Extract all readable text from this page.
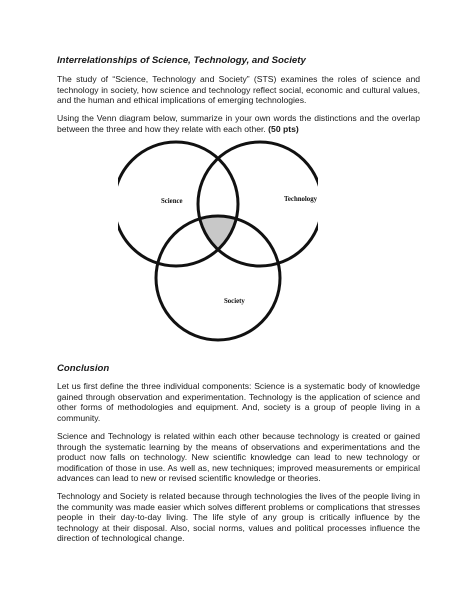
Interrelationships of Science, Technology, and Society
The study of “Science, Technology and Society” (STS) examines the roles of science and technology in society, how science and technology reflect social, economic and cultural values, and the human and ethical implications of emerging technologies.
Using the Venn diagram below, summarize in your own words the distinctions and the overlap between the three and how they relate with each other. (50 pts)
Science	Technology
Society
Conclusion
Let us first define the three individual components: Science is a systematic body of knowledge gained through observation and experimentation. Technology is the application of science and other forms of methodologies and equipment. And, society is a group of people living in a community.
Science and Technology is related within each other because technology is created or gained through the systematic learning by the means of observations and experimentations and the product now falls on technology. New scientific knowledge can lead to new technology or modification of those in use. As well as, new techniques; improved measurements or empirical advances can lead to new or revised scientific knowledge or theories.
Technology and Society is related because through technologies the lives of the people living in the community was made easier which solves different problems or complications that stresses people in their day-to-day living. The life style of any group is critically influence by the technology at their disposal. Also, social norms, values and political processes influence the direction of technological change.
